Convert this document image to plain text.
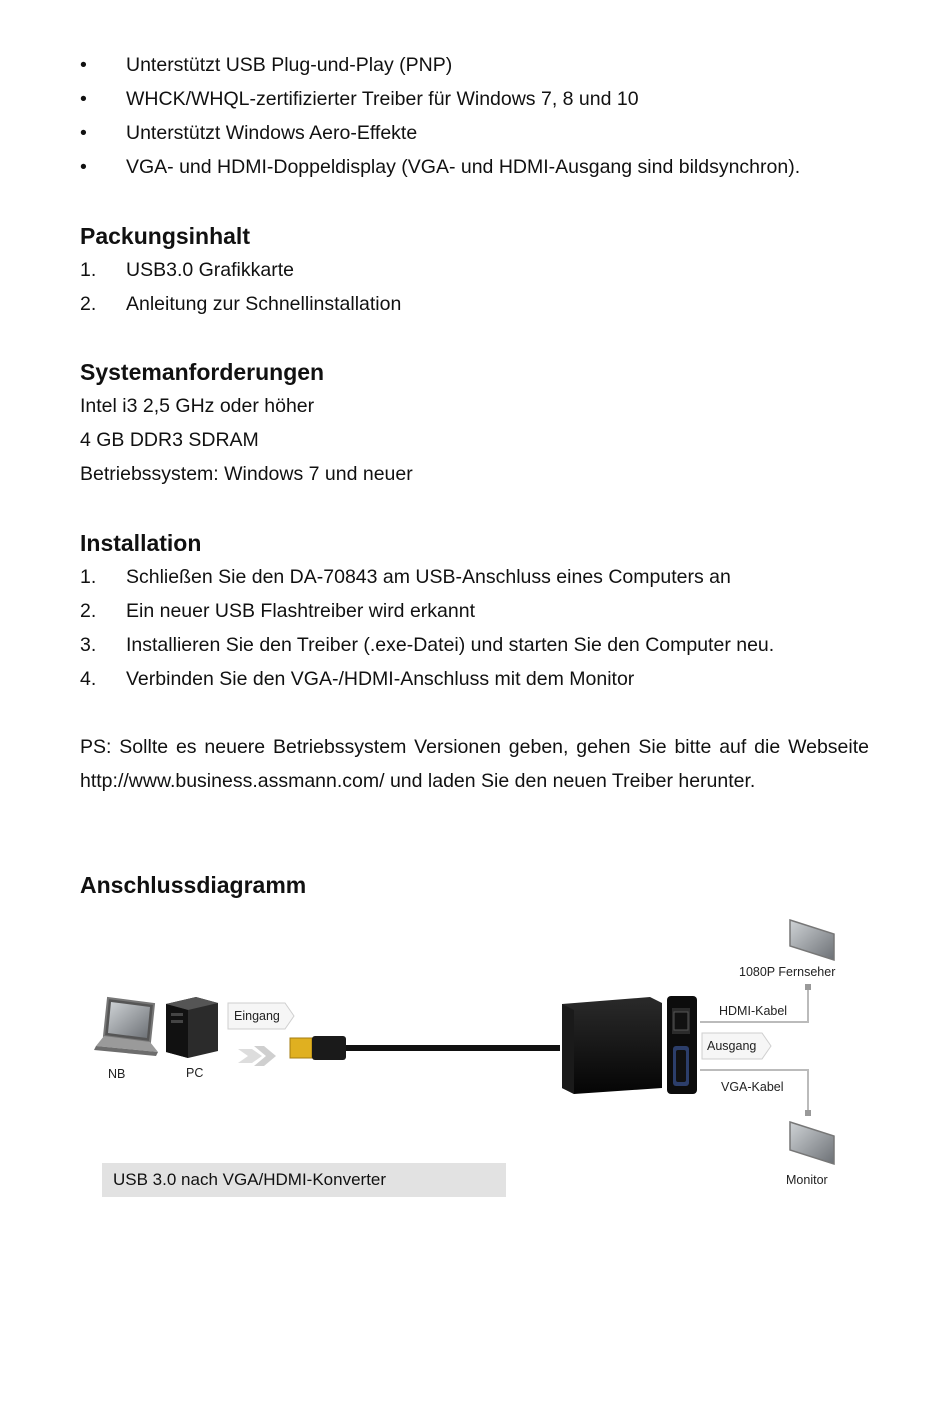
•	Unterstützt USB Plug-und-Play (PNP)
•	WHCK/WHQL-zertifizierter Treiber für Windows 7, 8 und 10
•	Unterstützt Windows Aero-Effekte
•	VGA- und HDMI-Doppeldisplay (VGA- und HDMI-Ausgang sind bildsynchron).
Packungsinhalt
1.	USB3.0 Grafikkarte
2.	Anleitung zur Schnellinstallation
Systemanforderungen
Intel i3 2,5 GHz oder höher
4 GB DDR3 SDRAM
Betriebssystem: Windows 7 und neuer
Installation
1.	Schließen Sie den DA-70843 am USB-Anschluss eines Computers an
2.	Ein neuer USB Flashtreiber wird erkannt
3.	Installieren Sie den Treiber (.exe-Datei) und starten Sie den Computer neu.
4.	Verbinden Sie den VGA-/HDMI-Anschluss mit dem Monitor
PS: Sollte es neuere Betriebssystem Versionen geben, gehen Sie bitte auf die Webseite http://www.business.assmann.com/ und laden Sie den neuen Treiber herunter.
Anschlussdiagramm
NB	PC
Eingang
Ausgang
HDMI-Kabel
VGA-Kabel
1080P Fernseher
Monitor
USB 3.0 nach VGA/HDMI-Konverter
